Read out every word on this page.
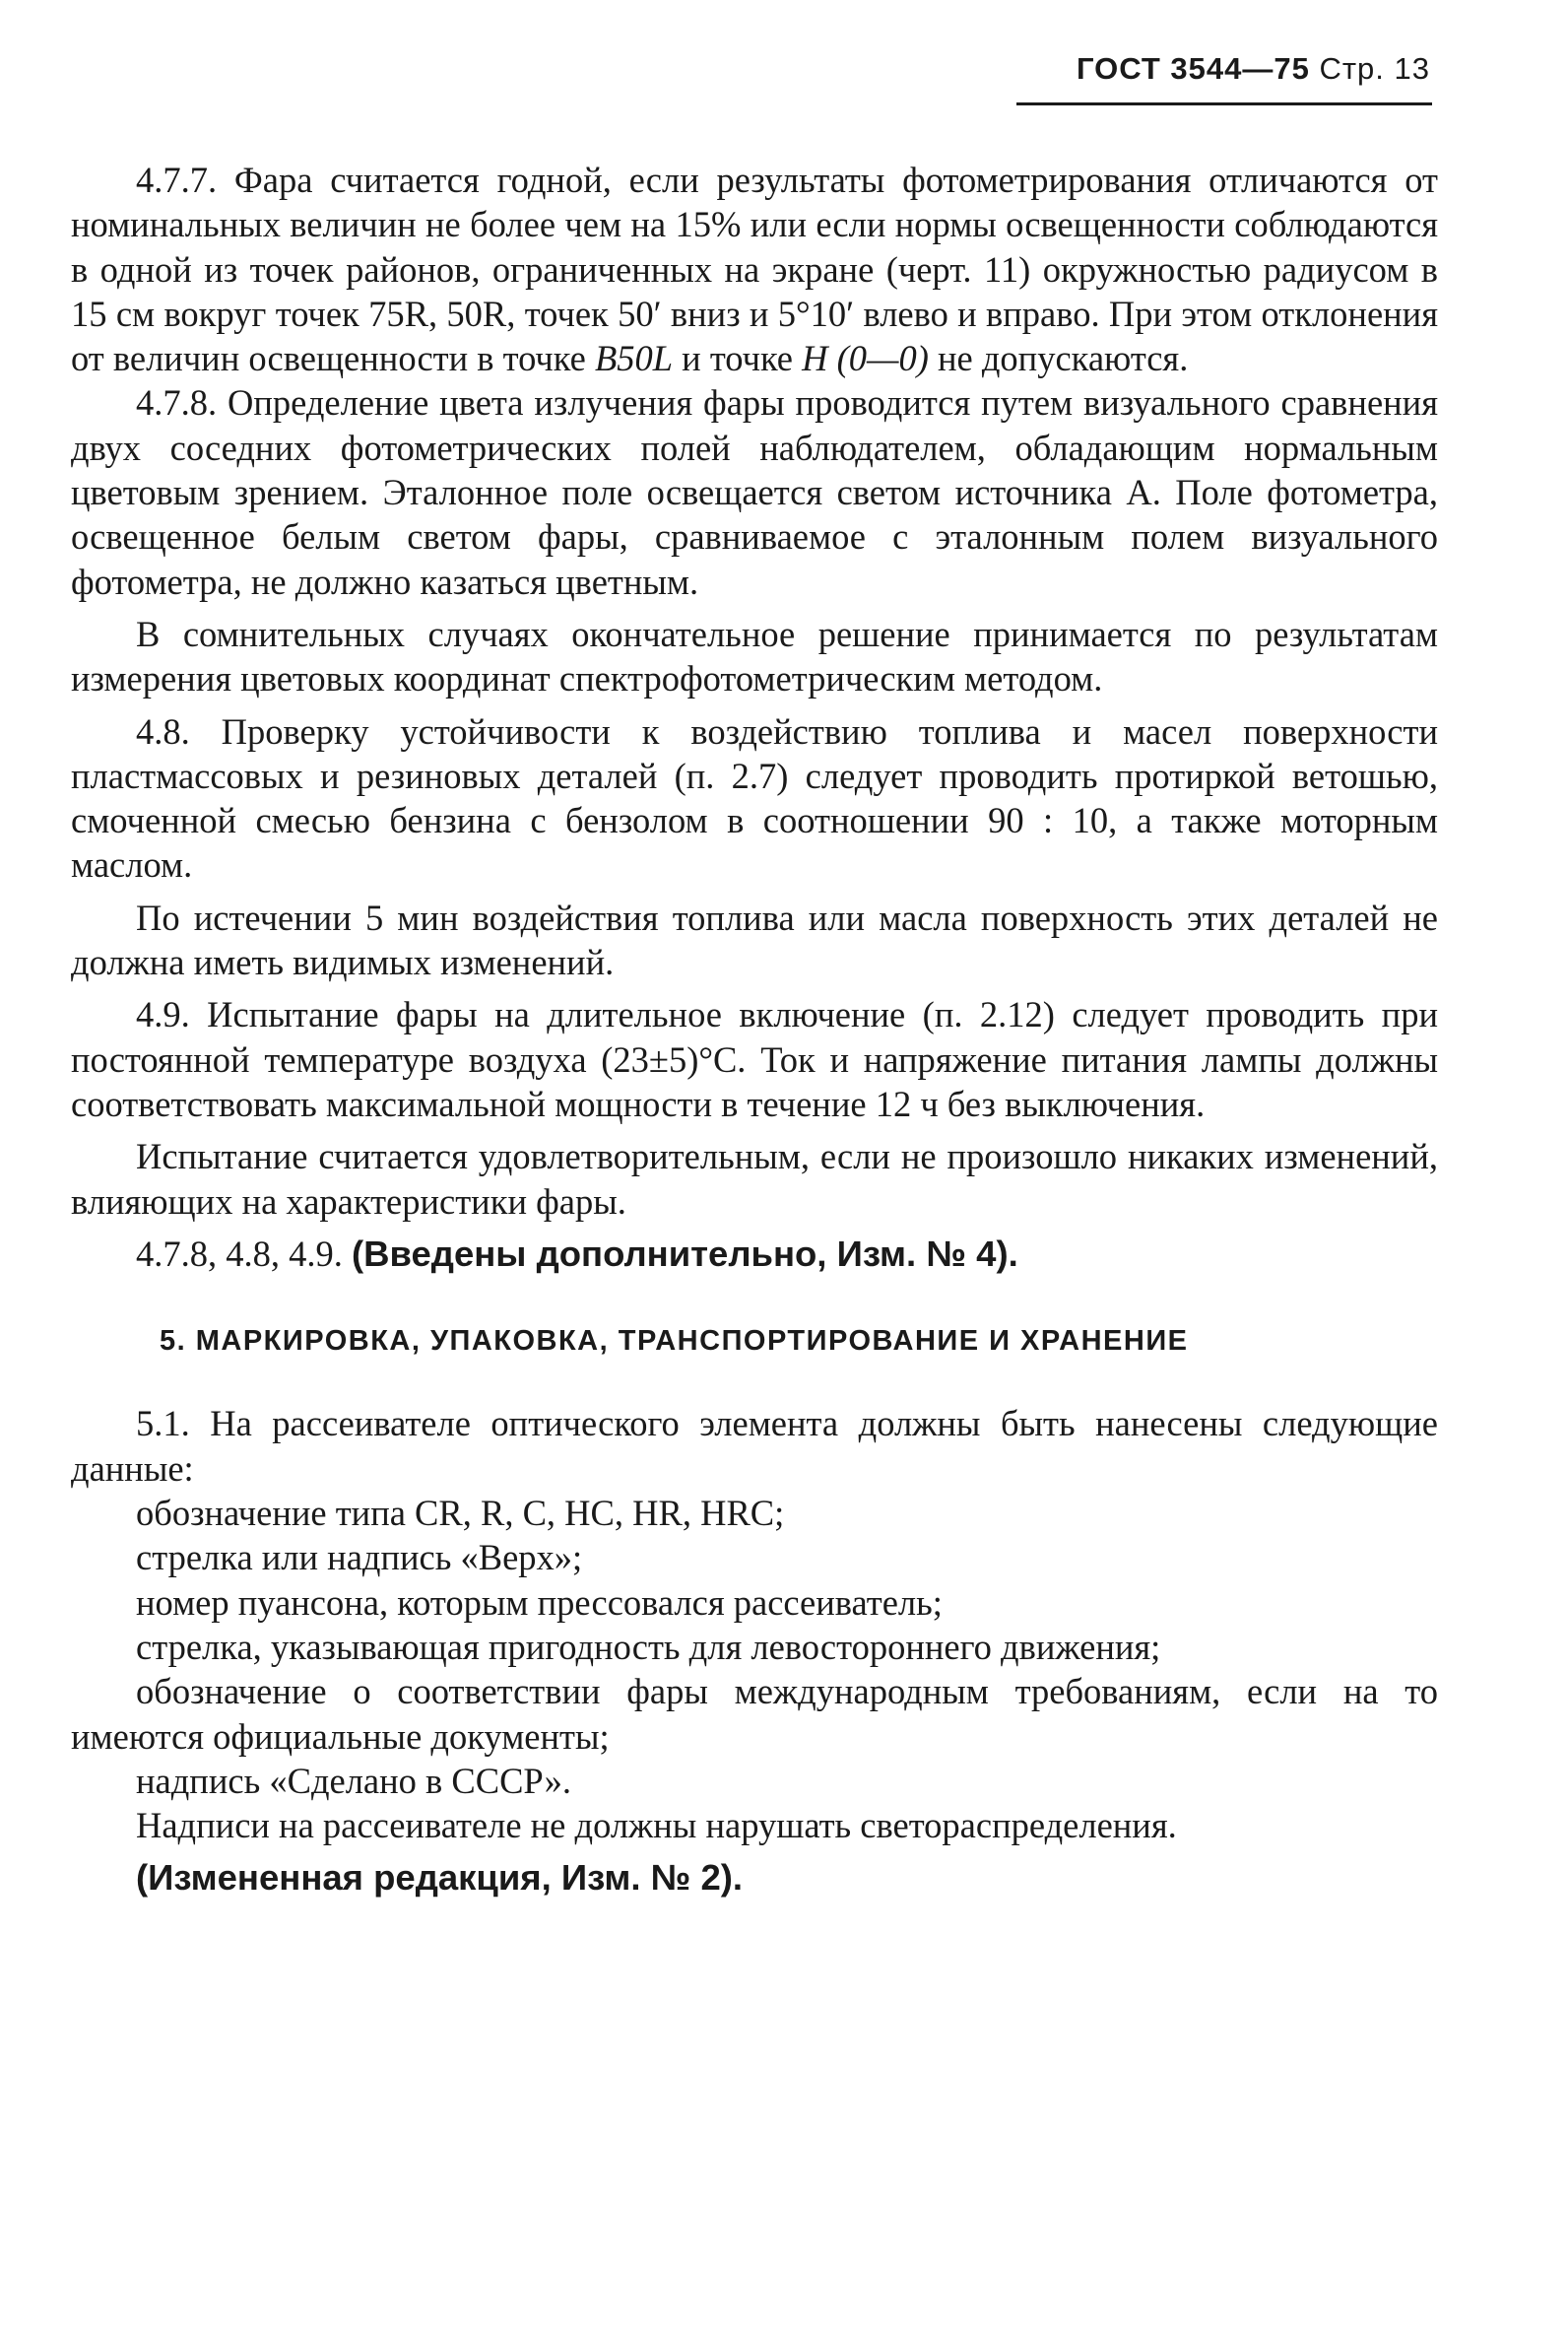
ГОСТ 3544—75 Стр. 13

4.7.7. Фара считается годной, если результаты фотометрирования отличаются от номинальных величин не более чем на 15% или если нормы освещенности соблюдаются в одной из точек районов, ограниченных на экране (черт. 11) окружностью радиусом в 15 см вокруг точек 75R, 50R, точек 50′ вниз и 5°10′ влево и вправо. При этом отклонения от величин освещенности в точке B50L и точке H (0—0) не допускаются.

4.7.8. Определение цвета излучения фары проводится путем визуального сравнения двух соседних фотометрических полей наблюдателем, обладающим нормальным цветовым зрением. Эталонное поле освещается светом источника А. Поле фотометра, освещенное белым светом фары, сравниваемое с эталонным полем визуального фотометра, не должно казаться цветным.

В сомнительных случаях окончательное решение принимается по результатам измерения цветовых координат спектрофотометрическим методом.

4.8. Проверку устойчивости к воздействию топлива и масел поверхности пластмассовых и резиновых деталей (п. 2.7) следует проводить протиркой ветошью, смоченной смесью бензина с бензолом в соотношении 90 : 10, а также моторным маслом.

По истечении 5 мин воздействия топлива или масла поверхность этих деталей не должна иметь видимых изменений.

4.9. Испытание фары на длительное включение (п. 2.12) следует проводить при постоянной температуре воздуха (23±5)°С. Ток и напряжение питания лампы должны соответствовать максимальной мощности в течение 12 ч без выключения.

Испытание считается удовлетворительным, если не произошло никаких изменений, влияющих на характеристики фары.

4.7.8, 4.8, 4.9. (Введены дополнительно, Изм. № 4).

5. МАРКИРОВКА, УПАКОВКА, ТРАНСПОРТИРОВАНИЕ И ХРАНЕНИЕ

5.1. На рассеивателе оптического элемента должны быть нанесены следующие данные:

обозначение типа CR, R, C, HC, HR, HRC;

стрелка или надпись «Верх»;

номер пуансона, которым прессовался рассеиватель;

стрелка, указывающая пригодность для левостороннего движения;

обозначение о соответствии фары международным требованиям, если на то имеются официальные документы;

надпись «Сделано в СССР».

Надписи на рассеивателе не должны нарушать светораспределения.

(Измененная редакция, Изм. № 2).
